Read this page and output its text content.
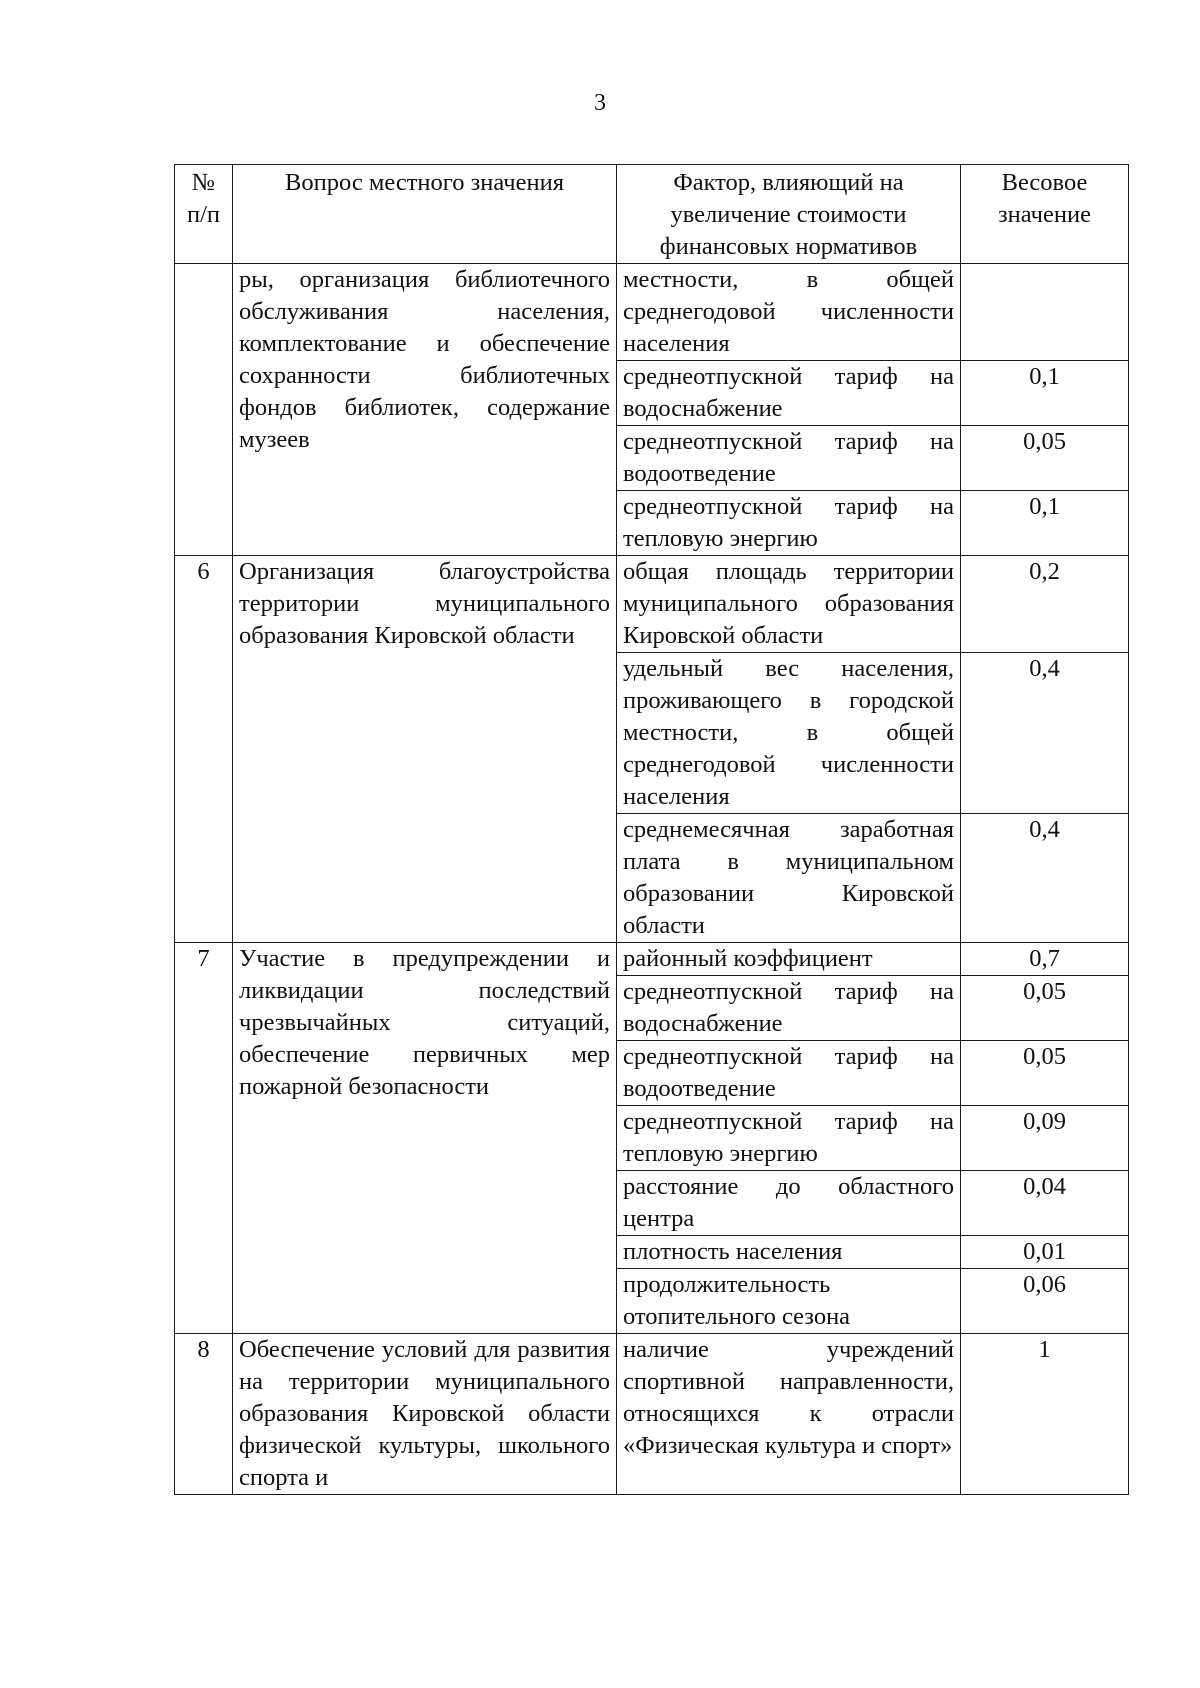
3
№ п/п	Вопрос местного значения	Фактор, влияющий на увеличение стоимости финансовых нормативов	Весовое значение
	ры, организация библиотечного обслуживания населения, комплектование и обеспечение сохранности библиотечных фондов библиотек, содержание музеев	местности, в общей среднегодовой численности населения	
		среднеотпускной тариф на водоснабжение	0,1
		среднеотпускной тариф на водоотведение	0,05
		среднеотпускной тариф на тепловую энергию	0,1
6	Организация благоустройства территории муниципального образования Кировской области	общая площадь территории муниципального образования Кировской области	0,2
		удельный вес населения, проживающего в городской местности, в общей среднегодовой численности населения	0,4
		среднемесячная заработная плата в муниципальном образовании Кировской области	0,4
7	Участие в предупреждении и ликвидации последствий чрезвычайных ситуаций, обеспечение первичных мер пожарной безопасности	районный коэффициент	0,7
		среднеотпускной тариф на водоснабжение	0,05
		среднеотпускной тариф на водоотведение	0,05
		среднеотпускной тариф на тепловую энергию	0,09
		расстояние до областного центра	0,04
		плотность населения	0,01
		продолжительность отопительного сезона	0,06
8	Обеспечение условий для развития на территории муниципального образования Кировской области физической культуры, школьного спорта и	наличие учреждений спортивной направленности, относящихся к отрасли «Физическая культура и спорт»	1
